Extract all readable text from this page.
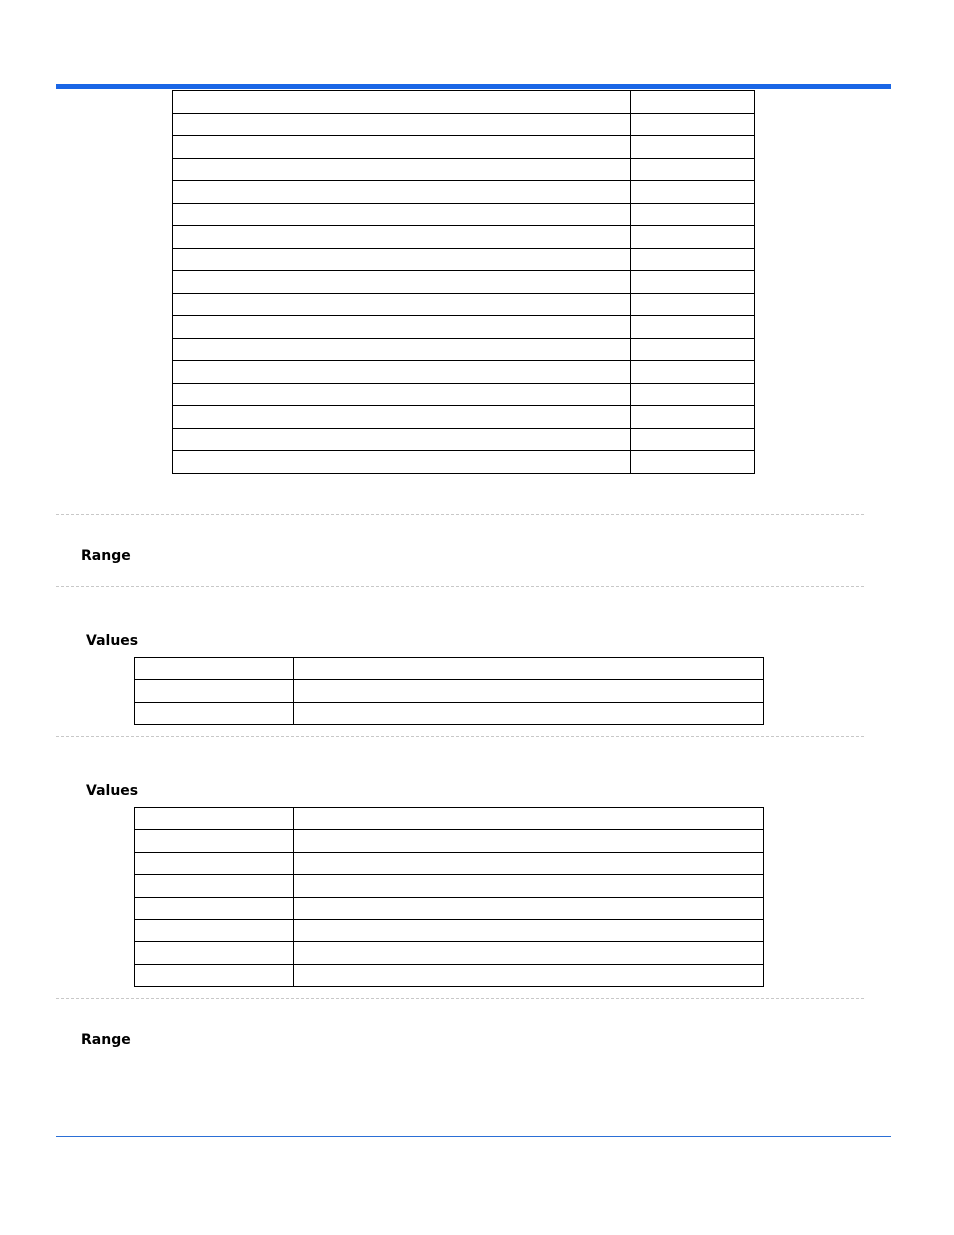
Range
Values

Values

Range
